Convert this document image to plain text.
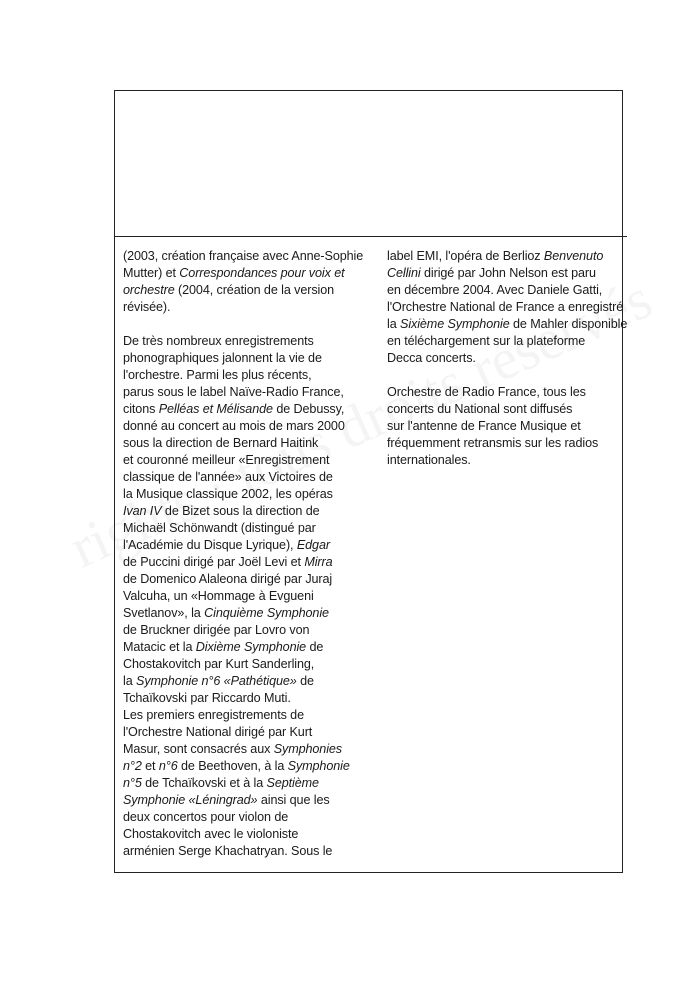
(2003, création française avec Anne-Sophie
Mutter) et Correspondances pour voix et
orchestre (2004, création de la version
révisée).
De très nombreux enregistrements
phonographiques jalonnent la vie de
l'orchestre. Parmi les plus récents,
parus sous le label Naïve-Radio France,
citons Pelléas et Mélisande de Debussy,
donné au concert au mois de mars 2000
sous la direction de Bernard Haitink
et couronné meilleur «Enregistrement
classique de l'année» aux Victoires de
la Musique classique 2002, les opéras
Ivan IV de Bizet sous la direction de
Michaël Schönwandt (distingué par
l'Académie du Disque Lyrique), Edgar
de Puccini dirigé par Joël Levi et Mirra
de Domenico Alaleona dirigé par Juraj
Valcuha, un «Hommage à Evgueni
Svetlanov», la Cinquième Symphonie
de Bruckner dirigée par Lovro von
Matacic et la Dixième Symphonie de
Chostakovitch par Kurt Sanderling,
la Symphonie n°6 «Pathétique» de
Tchaïkovski par Riccardo Muti.
Les premiers enregistrements de
l'Orchestre National dirigé par Kurt
Masur, sont consacrés aux Symphonies
n°2 et n°6 de Beethoven, à la Symphonie
n°5 de Tchaïkovski et à la Septième
Symphonie «Léningrad» ainsi que les
deux concertos pour violon de
Chostakovitch avec le violoniste
arménien Serge Khachatryan. Sous le
label EMI, l'opéra de Berlioz Benvenuto
Cellini dirigé par John Nelson est paru
en décembre 2004. Avec Daniele Gatti,
l'Orchestre National de France a enregistré
la Sixième Symphonie de Mahler disponible
en téléchargement sur la plateforme
Decca concerts.
Orchestre de Radio France, tous les
concerts du National sont diffusés
sur l'antenne de France Musique et
fréquemment retransmis sur les radios
internationales.
